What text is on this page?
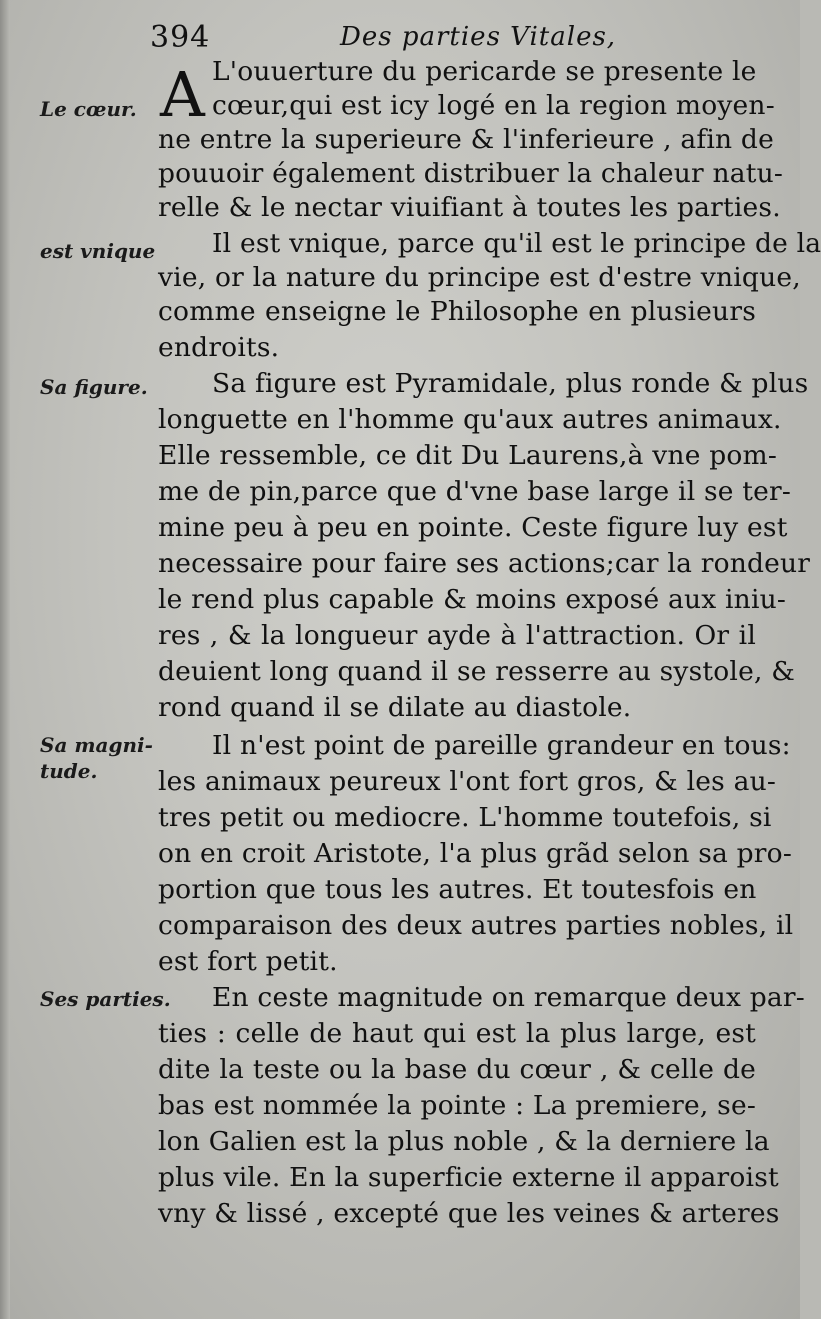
394	Des parties Vitales,
A
Le cœur.
est vnique
Sa figure.
Sa magni-
tude.
Ses parties.
L'ouuerture du pericarde se presente le
cœur,qui est icy logé en la region moyen-
ne entre la superieure & l'inferieure , afin de
pouuoir également distribuer la chaleur natu-
relle & le nectar viuifiant à toutes les parties.
Il est vnique, parce qu'il est le principe de la
vie, or la nature du principe est d'estre vnique,
comme enseigne le Philosophe en plusieurs
endroits.
Sa figure est Pyramidale, plus ronde & plus
longuette en l'homme qu'aux autres animaux.
Elle ressemble, ce dit Du Laurens,à vne pom-
me de pin,parce que d'vne base large il se ter-
mine peu à peu en pointe. Ceste figure luy est
necessaire pour faire ses actions;car la rondeur
le rend plus capable & moins exposé aux iniu-
res , & la longueur ayde à l'attraction. Or il
deuient long quand il se resserre au systole, &
rond quand il se dilate au diastole.
Il n'est point de pareille grandeur en tous:
les animaux peureux l'ont fort gros, & les au-
tres petit ou mediocre. L'homme toutefois, si
on en croit Aristote, l'a plus grãd selon sa pro-
portion que tous les autres. Et toutesfois en
comparaison des deux autres parties nobles, il
est fort petit.
En ceste magnitude on remarque deux par-
ties : celle de haut qui est la plus large, est
dite la teste ou la base du cœur , & celle de
bas est nommée la pointe : La premiere, se-
lon Galien est la plus noble , & la derniere la
plus vile. En la superficie externe il apparoist
vny & lissé , excepté que les veines & arteres
